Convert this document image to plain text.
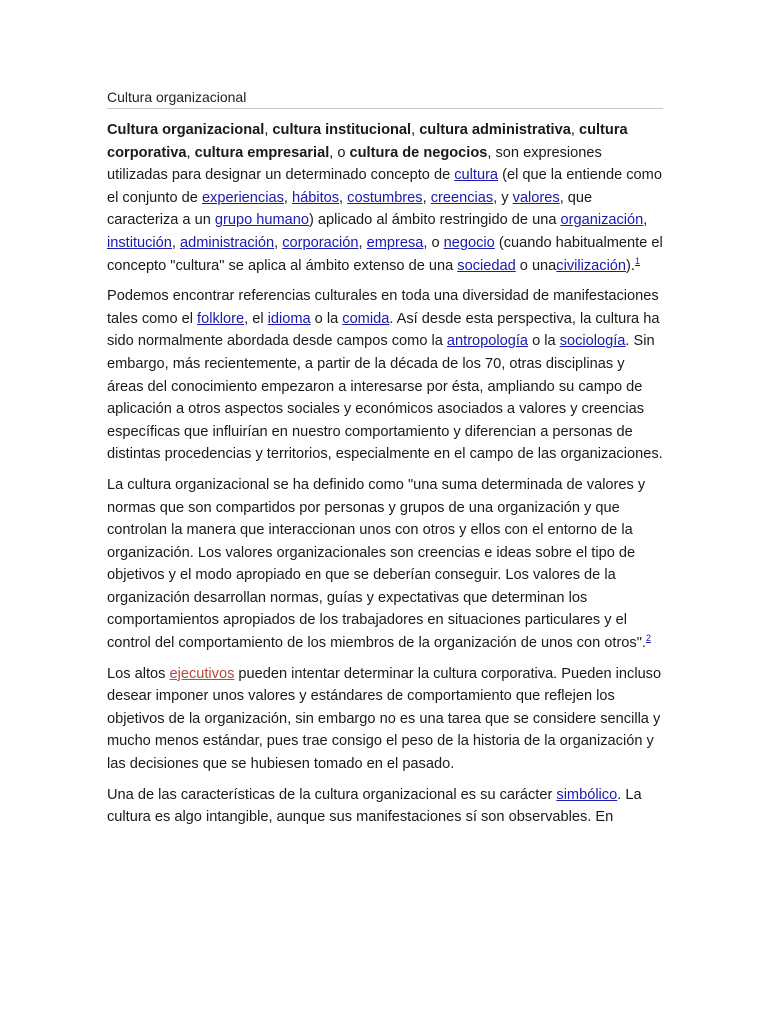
Cultura organizacional

Cultura organizacional, cultura institucional, cultura administrativa, cultura corporativa, cultura empresarial, o cultura de negocios, son expresiones utilizadas para designar un determinado concepto de cultura (el que la entiende como el conjunto de experiencias, hábitos, costumbres, creencias, y valores, que caracteriza a un grupo humano) aplicado al ámbito restringido de una organización, institución, administración, corporación, empresa, o negocio (cuando habitualmente el concepto "cultura" se aplica al ámbito extenso de una sociedad o unacivilización).$^1$

Podemos encontrar referencias culturales en toda una diversidad de manifestaciones tales como el folklore, el idioma o la comida. Así desde esta perspectiva, la cultura ha sido normalmente abordada desde campos como la antropología o la sociología. Sin embargo, más recientemente, a partir de la década de los 70, otras disciplinas y áreas del conocimiento empezaron a interesarse por ésta, ampliando su campo de aplicación a otros aspectos sociales y económicos asociados a valores y creencias específicas que influirían en nuestro comportamiento y diferencian a personas de distintas procedencias y territorios, especialmente en el campo de las organizaciones.

La cultura organizacional se ha definido como "una suma determinada de valores y normas que son compartidos por personas y grupos de una organización y que controlan la manera que interaccionan unos con otros y ellos con el entorno de la organización. Los valores organizacionales son creencias e ideas sobre el tipo de objetivos y el modo apropiado en que se deberían conseguir. Los valores de la organización desarrollan normas, guías y expectativas que determinan los comportamientos apropiados de los trabajadores en situaciones particulares y el control del comportamiento de los miembros de la organización de unos con otros".$^2$

Los altos ejecutivos pueden intentar determinar la cultura corporativa. Pueden incluso desear imponer unos valores y estándares de comportamiento que reflejen los objetivos de la organización, sin embargo no es una tarea que se considere sencilla y mucho menos estándar, pues trae consigo el peso de la historia de la organización y las decisiones que se hubiesen tomado en el pasado.

Una de las características de la cultura organizacional es su carácter simbólico. La cultura es algo intangible, aunque sus manifestaciones sí son observables. En
